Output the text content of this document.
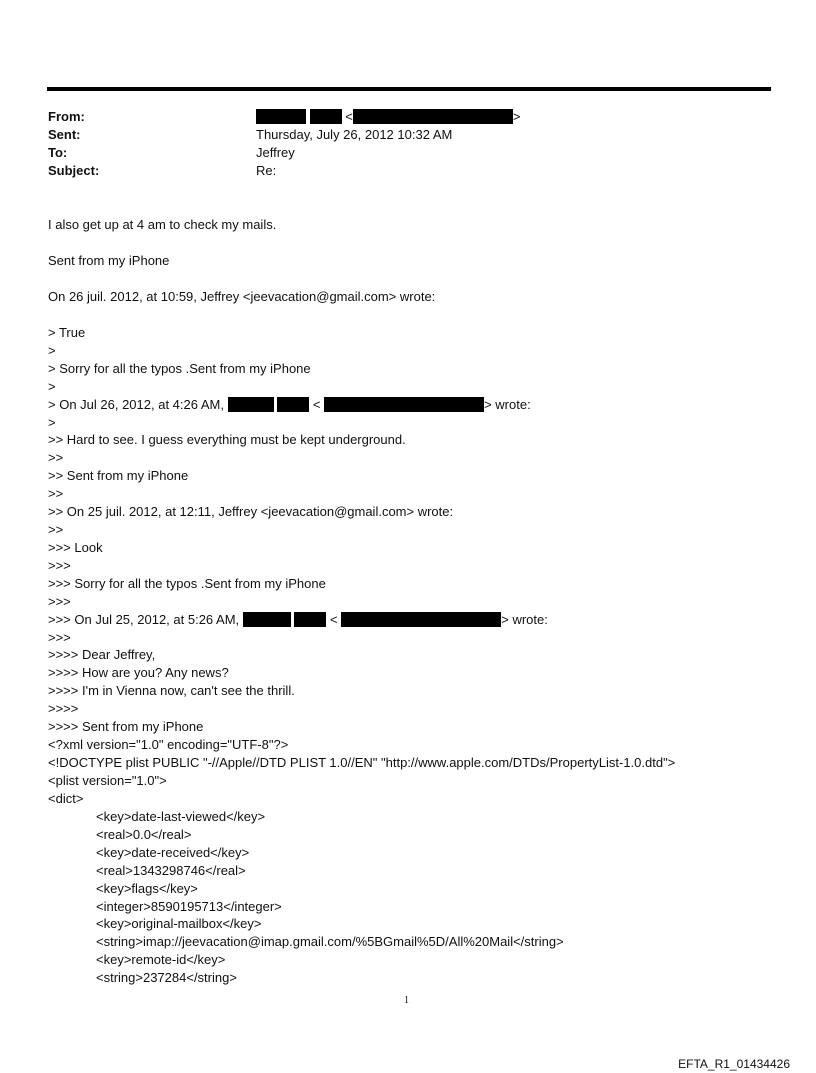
From:	<	>
Sent:	Thursday, July 26, 2012 10:32 AM
To:	Jeffrey
Subject:	Re:
I also get up at 4 am to check my mails.
Sent from my iPhone
On 26 juil. 2012, at 10:59, Jeffrey <jeevacation@gmail.com> wrote:
> True
>
> Sorry for all the typos .Sent from my iPhone
>
> On Jul 26, 2012, at 4:26 AM,	<	> wrote:
>
>> Hard to see. I guess everything must be kept underground.
>>
>> Sent from my iPhone
>>
>> On 25 juil. 2012, at 12:11, Jeffrey <jeevacation@gmail.com> wrote:
>>
>>> Look
>>>
>>> Sorry for all the typos .Sent from my iPhone
>>>
>>> On Jul 25, 2012, at 5:26 AM,	<	> wrote:
>>>
>>>> Dear Jeffrey,
>>>> How are you? Any news?
>>>> I'm in Vienna now, can't see the thrill.
>>>>
>>>> Sent from my iPhone
<?xml version="1.0" encoding="UTF-8"?>
<!DOCTYPE plist PUBLIC "-//Apple//DTD PLIST 1.0//EN" "http://www.apple.com/DTDs/PropertyList-1.0.dtd">
<plist version="1.0">
<dict>
<key>date-last-viewed</key>
<real>0.0</real>
<key>date-received</key>
<real>1343298746</real>
<key>flags</key>
<integer>8590195713</integer>
<key>original-mailbox</key>
<string>imap://jeevacation@imap.gmail.com/%5BGmail%5D/All%20Mail</string>
<key>remote-id</key>
<string>237284</string>
1
EFTA_R1_01434426
